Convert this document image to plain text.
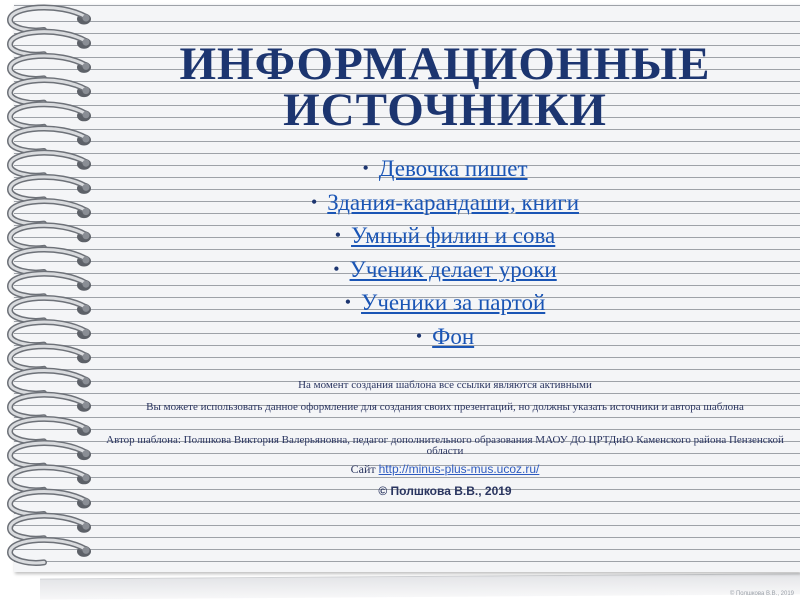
ИНФОРМАЦИОННЫЕ
ИСТОЧНИКИ
• Девочка пишет
• Здания-карандаши, книги
• Умный филин и сова
• Ученик делает уроки
• Ученики за партой
• Фон
На момент создания шаблона все ссылки являются активными
Вы можете использовать данное оформление для создания своих презентаций, но должны указать источники и автора шаблона
Автор шаблона: Полшкова Виктория Валерьяновна, педагог дополнительного образования МАОУ ДО ЦРТДиЮ Каменского района Пензенской области
Сайт http://minus-plus-mus.ucoz.ru/
© Полшкова В.В., 2019
© Полшкова В.В., 2019
